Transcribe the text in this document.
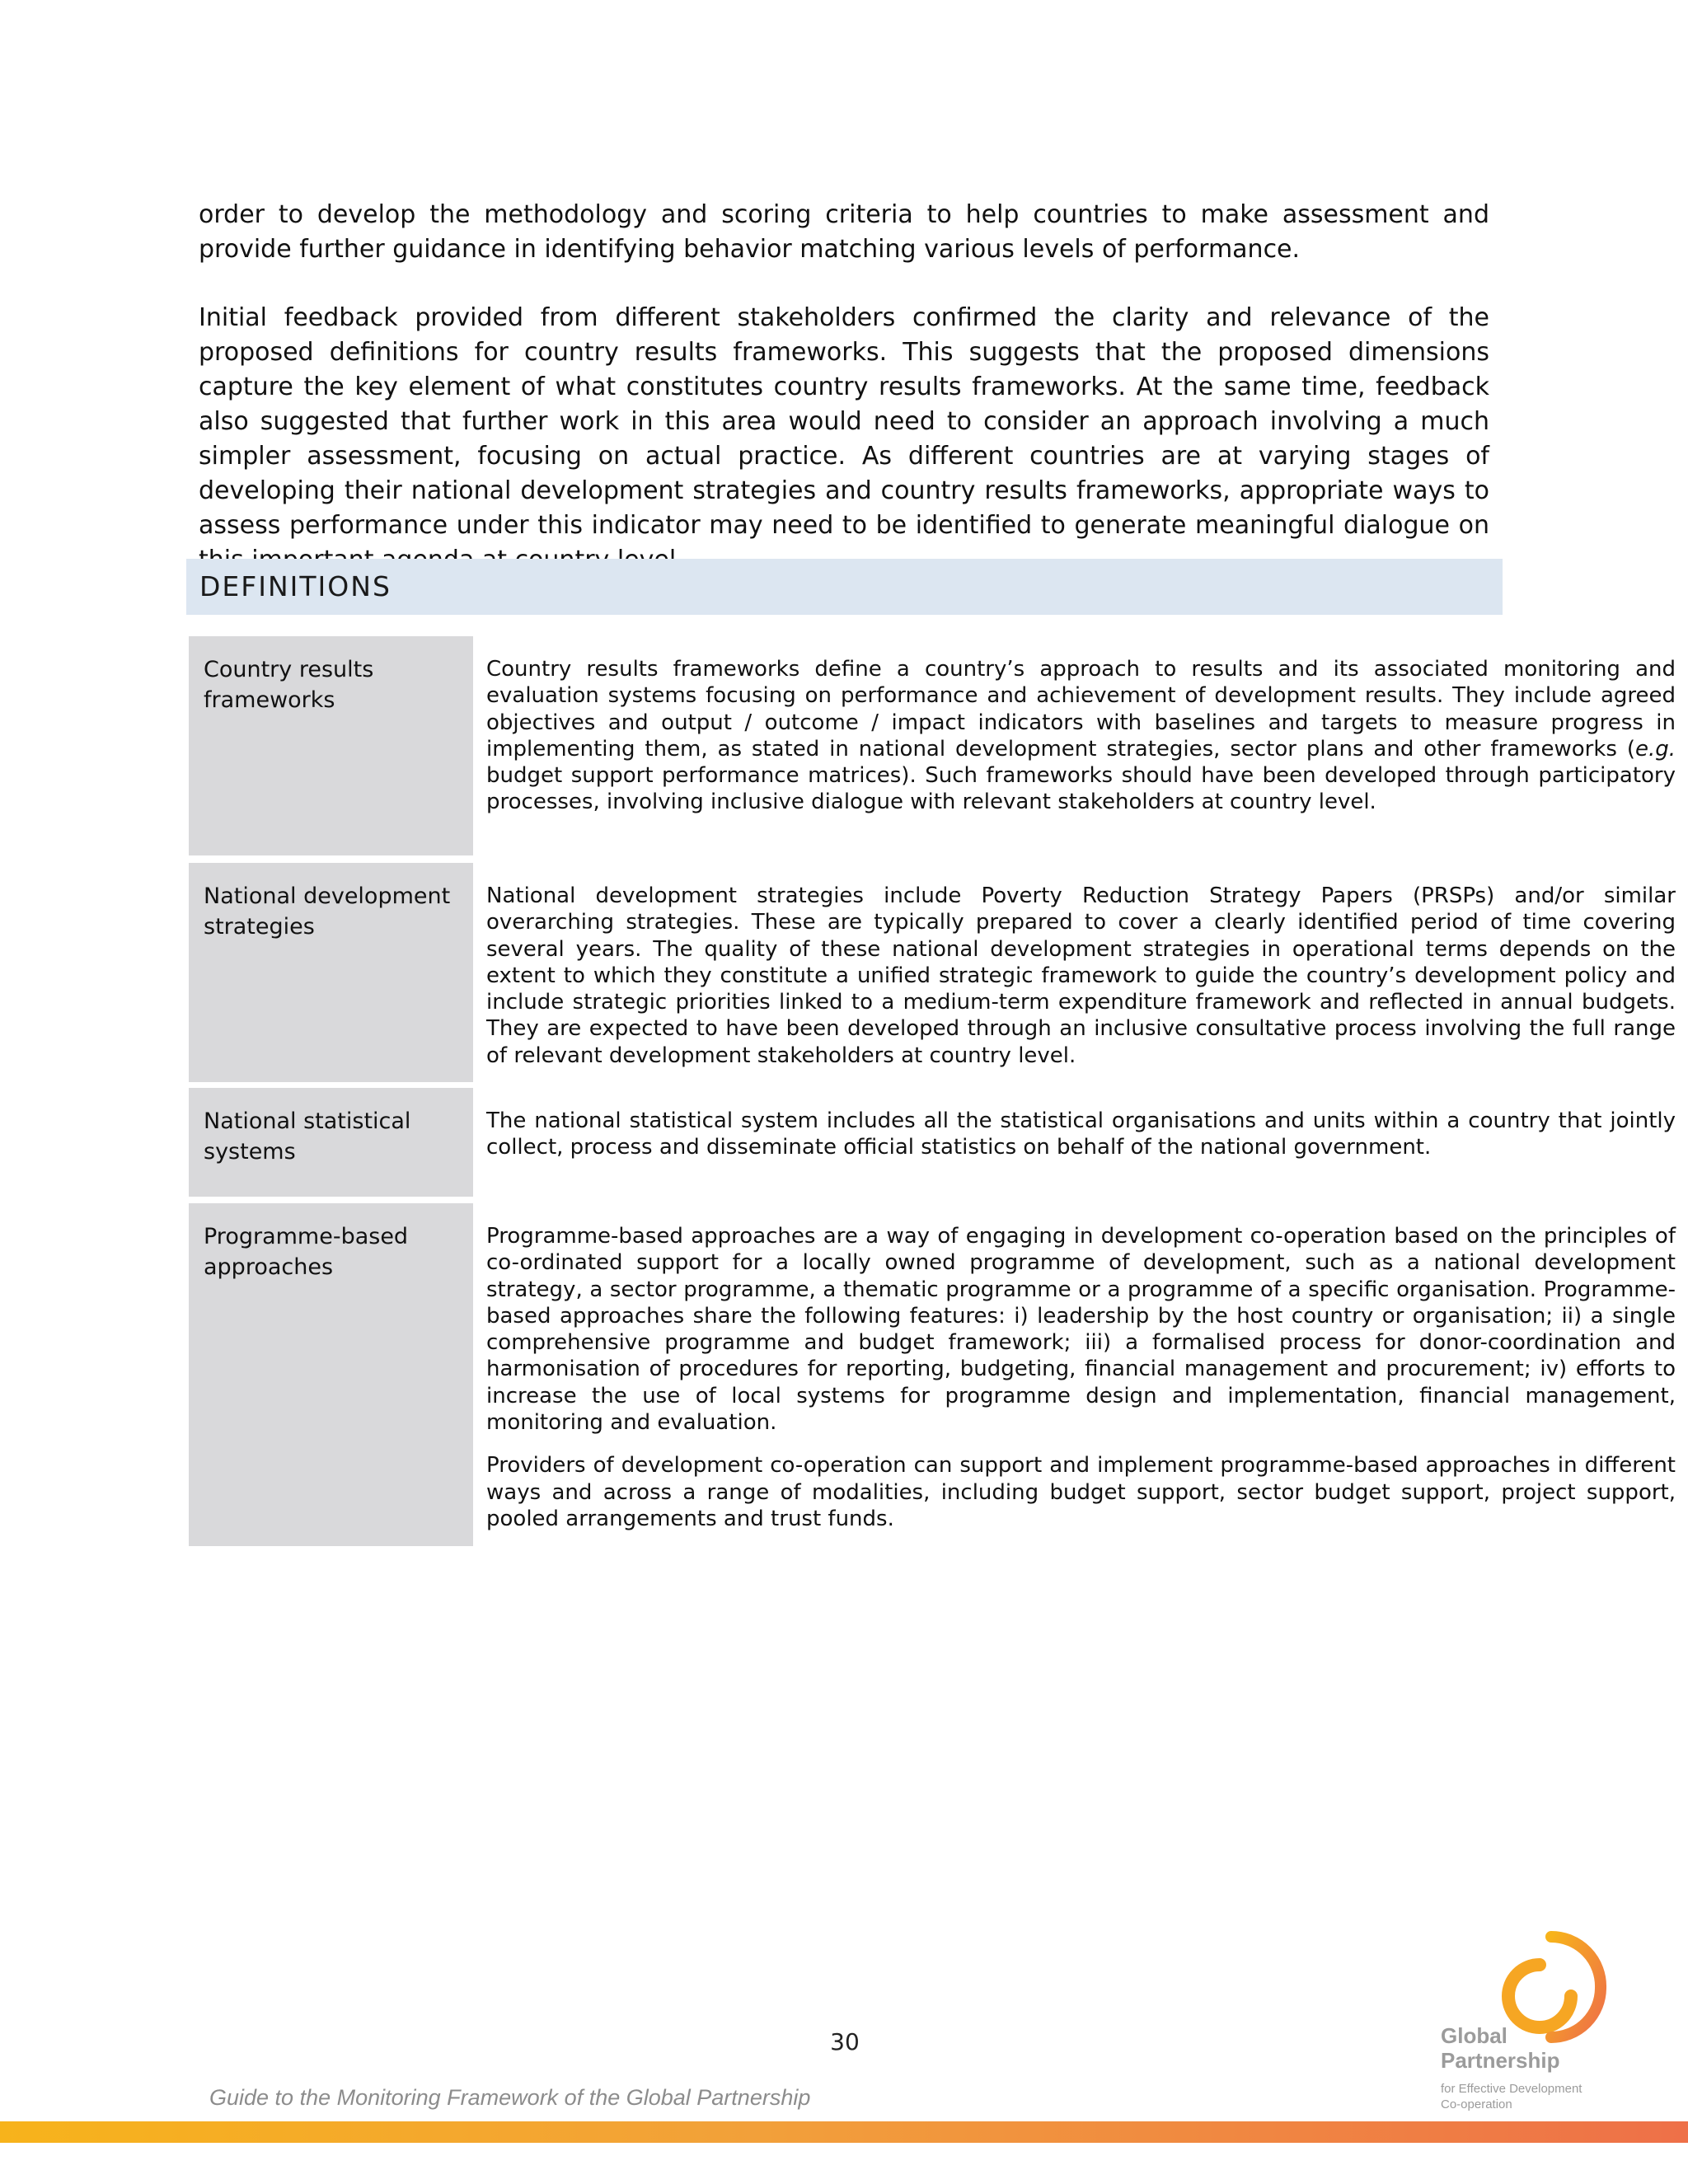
order to develop the methodology and scoring criteria to help countries to make assessment and provide further guidance in identifying behavior matching various levels of performance.

Initial feedback provided from different stakeholders confirmed the clarity and relevance of the proposed definitions for country results frameworks. This suggests that the proposed dimensions capture the key element of what constitutes country results frameworks. At the same time, feedback also suggested that further work in this area would need to consider an approach involving a much simpler assessment, focusing on actual practice. As different countries are at varying stages of developing their national development strategies and country results frameworks, appropriate ways to assess performance under this indicator may need to be identified to generate meaningful dialogue on

DEFINITIONS
Country results frameworks

Country results frameworks define a country’s approach to results and its associated monitoring and evaluation systems focusing on performance and achievement of development results. They include agreed objectives and output / outcome / impact indicators with baselines and targets to measure progress in implementing them, as stated in national development strategies, sector plans and other frameworks (e.g. budget support performance matrices). Such frameworks should have been developed through participatory processes, involving inclusive dialogue with relevant stakeholders at country level.

National development strategies

National development strategies include Poverty Reduction Strategy Papers (PRSPs) and/or similar overarching strategies. These are typically prepared to cover a clearly identified period of time covering several years. The quality of these national development strategies in operational terms depends on the extent to which they constitute a unified strategic framework to guide the country’s development policy and include strategic priorities linked to a medium-term expenditure framework and reflected in annual budgets. They are expected to have been developed through an inclusive consultative process involving the full range of relevant development stakeholders at country level.

National statistical systems

The national statistical system includes all the statistical organisations and units within a country that jointly collect, process and disseminate official statistics on behalf of the national government.

Programme-based approaches

Programme-based approaches are a way of engaging in development co-operation based on the principles of co-ordinated support for a locally owned programme of development, such as a national development strategy, a sector programme, a thematic programme or a programme of a specific organisation. Programme-based approaches share the following features: i) leadership by the host country or organisation; ii) a single comprehensive programme and budget framework; iii) a formalised process for donor-coordination and harmonisation of procedures for reporting, budgeting, financial management and procurement; iv) efforts to increase the use of local systems for programme design and implementation, financial management, monitoring and evaluation.

Providers of development co-operation can support and implement programme-based approaches in different ways and across a range of modalities, including budget support, sector budget support, project support, pooled arrangements and trust funds.

30
Guide to the Monitoring Framework of the Global Partnership
Global
Partnership
for Effective Development
Co-operation
